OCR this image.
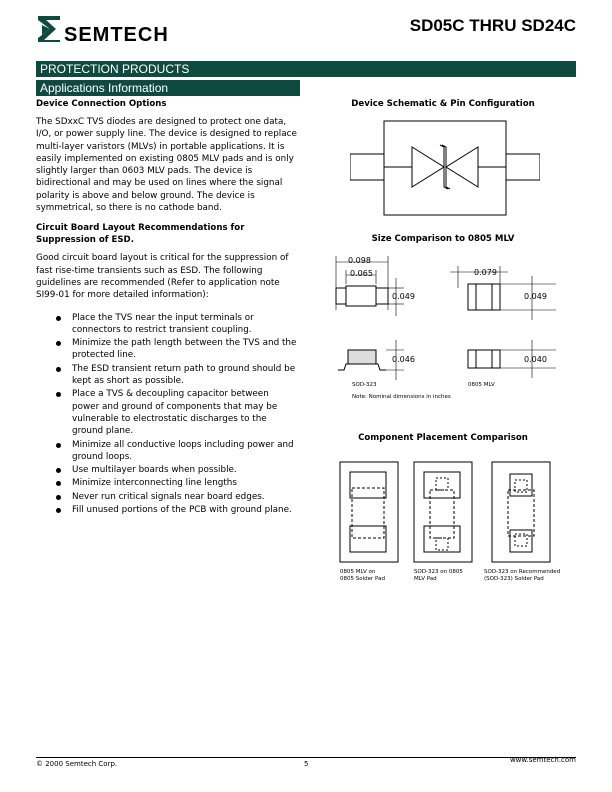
SEMTECH	SD05C THRU SD24C
PROTECTION PRODUCTS
Applications Information
Device Connection Options
The SDxxC TVS diodes are designed to protect one data, I/O, or power supply line. The device is designed to replace multi-layer varistors (MLVs) in portable applications. It is easily implemented on existing 0805 MLV pads and is only slightly larger than 0603 MLV pads. The device is bidirectional and may be used on lines where the signal polarity is above and below ground. The device is symmetrical, so there is no cathode band.
Circuit Board Layout Recommendations for Suppression of ESD.
Good circuit board layout is critical for the suppression of fast rise-time transients such as ESD. The following guidelines are recommended (Refer to application note SI99-01 for more detailed information):
Place the TVS near the input terminals or connectors to restrict transient coupling.
Minimize the path length between the TVS and the protected line.
The ESD transient return path to ground should be kept as short as possible.
Place a TVS & decoupling capacitor between power and ground of components that may be vulnerable to electrostatic discharges to the ground plane.
Minimize all conductive loops including power and ground loops.
Use multilayer boards when possible.
Minimize interconnecting line lengths
Never run critical signals near board edges.
Fill unused portions of the PCB with ground plane.
Device Schematic & Pin Configuration
Size Comparison to 0805 MLV
0.098
0.065
0.049
0.079
0.049
0.046	0.040
SOD-323	0805 MLV
Note: Nominal dimensions in inches
Component Placement Comparison
0805 MLV on
0805 Solder Pad
SOD-323 on 0805
MLV Pad
SOD-323 on Recommended
(SOD-323) Solder Pad
© 2000 Semtech Corp.	5	www.semtech.com
